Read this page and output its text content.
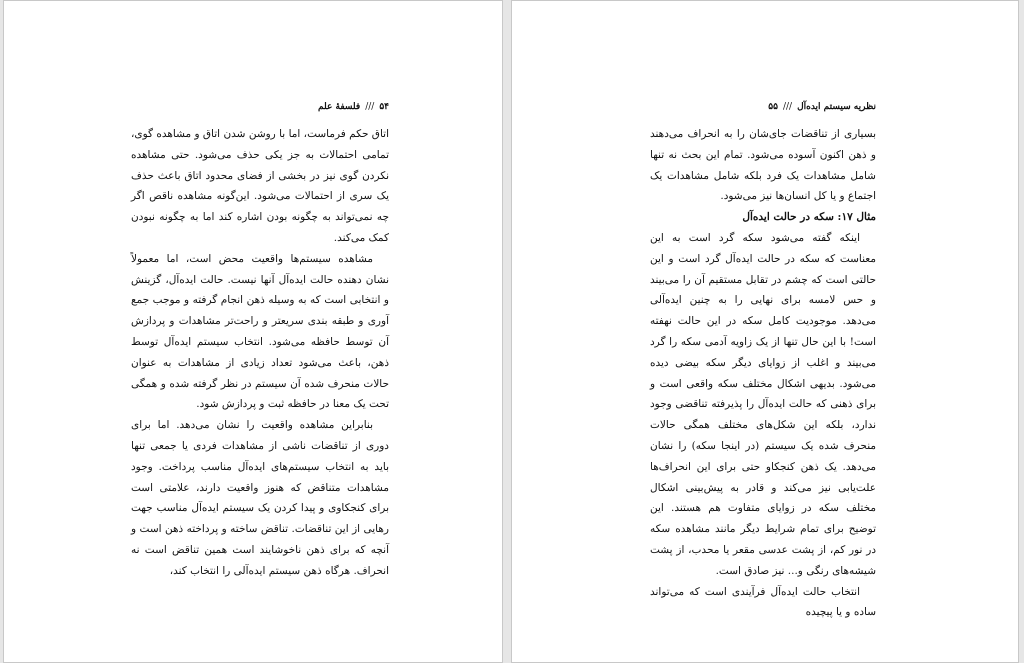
۵۴///فلسفهٔ علم

اتاق حکم فرماست، اما با روشن شدن اتاق و مشاهده گوی، تمامی احتمالات به جز یکی حذف می‌شود. حتی مشاهده نکردن گوی نیز در بخشی از فضای محدود اتاق باعث حذف یک سری از احتمالات می‌شود. این‌گونه مشاهده ناقص اگر چه نمی‌تواند به چگونه بودن اشاره کند اما به چگونه نبودن کمک می‌کند.

مشاهده سیستم‌ها واقعیت محض است، اما معمولاً نشان دهنده حالت ایده‌آل آنها نیست. حالت ایده‌آل، گزینش و انتخابی است که به وسیله ذهن انجام گرفته و موجب جمع آوری و طبقه بندی سریعتر و راحت‌تر مشاهدات و پردازش آن توسط حافظه می‌شود. انتخاب سیستم ایده‌آل توسط ذهن، باعث می‌شود تعداد زیادی از مشاهدات به عنوان حالات منحرف شده آن سیستم در نظر گرفته شده و همگی تحت یک معنا در حافظه ثبت و پردازش شود.

بنابراین مشاهده واقعیت را نشان می‌دهد. اما برای دوری از تناقضات ناشی از مشاهدات فردی یا جمعی تنها باید به انتخاب سیستم‌های ایده‌آل مناسب پرداخت. وجود مشاهدات متناقض که هنوز واقعیت دارند، علامتی است برای کنجکاوی و پیدا کردن یک سیستم ایده‌آل مناسب جهت رهایی از این تناقضات. تناقض ساخته و پرداخته ذهن است و آنچه که برای ذهن ناخوشایند است همین تناقض است نه انحراف. هرگاه ذهن سیستم ایده‌آلی را انتخاب کند،

نظریه سیستم ایده‌آل///۵۵

بسیاری از تناقضات جای‌شان را به انحراف می‌دهند و ذهن اکنون آسوده می‌شود. تمام این بحث نه تنها شامل مشاهدات یک فرد بلکه شامل مشاهدات یک اجتماع و یا کل انسان‌ها نیز می‌شود.

مثال ۱۷: سکه در حالت ایده‌آل

اینکه گفته می‌شود سکه گرد است به این معناست که سکه در حالت ایده‌آل گرد است و این حالتی است که چشم در تقابل مستقیم آن را می‌بیند و حس لامسه برای نهایی را به چنین ایده‌آلی می‌دهد. موجودیت کامل سکه در این حالت نهفته است! با این حال تنها از یک زاویه آدمی سکه را گرد می‌بیند و اغلب از زوایای دیگر سکه بیضی دیده می‌شود. بدیهی اشکال مختلف سکه واقعی است و برای ذهنی که حالت ایده‌آل را پذیرفته تناقضی وجود ندارد، بلکه این شکل‌های مختلف همگی حالات منحرف شده یک سیستم (در اینجا سکه) را نشان می‌دهد. یک ذهن کنجکاو حتی برای این انحراف‌ها علت‌یابی نیز می‌کند و قادر به پیش‌بینی اشکال مختلف سکه در زوایای متفاوت هم هستند. این توضیح برای تمام شرایط دیگر مانند مشاهده سکه در نور کم، از پشت عدسی مقعر یا محدب، از پشت شیشه‌های رنگی و... نیز صادق است.

انتخاب حالت ایده‌آل فرآیندی است که می‌تواند ساده و یا پیچیده
